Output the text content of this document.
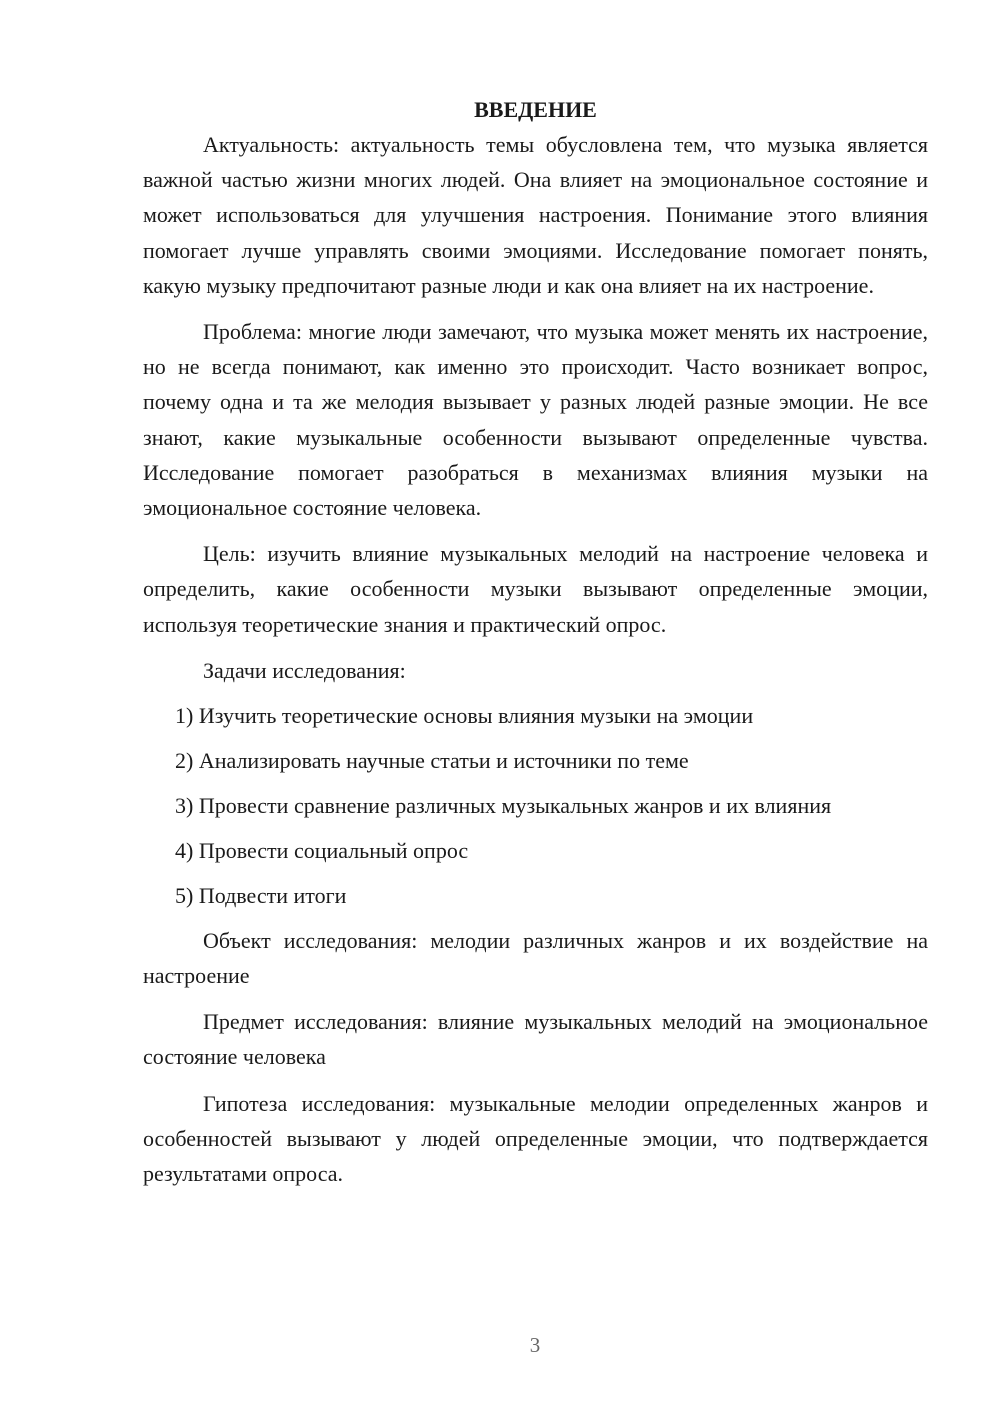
ВВЕДЕНИЕ

Актуальность: актуальность темы обусловлена тем, что музыка является важной частью жизни многих людей. Она влияет на эмоциональное состояние и может использоваться для улучшения настроения. Понимание этого влияния помогает лучше управлять своими эмоциями. Исследование помогает понять, какую музыку предпочитают разные люди и как она влияет на их настроение.

Проблема: многие люди замечают, что музыка может менять их настроение, но не всегда понимают, как именно это происходит. Часто возникает вопрос, почему одна и та же мелодия вызывает у разных людей разные эмоции. Не все знают, какие музыкальные особенности вызывают определенные чувства. Исследование помогает разобраться в механизмах влияния музыки на эмоциональное состояние человека.

Цель: изучить влияние музыкальных мелодий на настроение человека и определить, какие особенности музыки вызывают определенные эмоции, используя теоретические знания и практический опрос.

Задачи исследования:

1) Изучить теоретические основы влияния музыки на эмоции

2) Анализировать научные статьи и источники по теме

3) Провести сравнение различных музыкальных жанров и их влияния

4) Провести социальный опрос

5) Подвести итоги

Объект исследования: мелодии различных жанров и их воздействие на настроение

Предмет исследования: влияние музыкальных мелодий на эмоциональное состояние человека

Гипотеза исследования: музыкальные мелодии определенных жанров и особенностей вызывают у людей определенные эмоции, что подтверждается результатами опроса.

3
